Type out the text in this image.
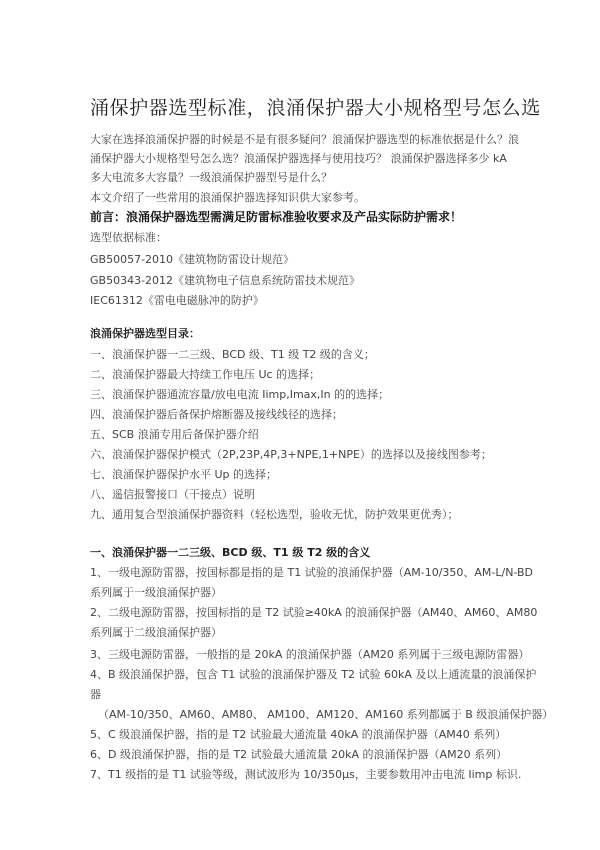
涌保护器选型标准，浪涌保护器大小规格型号怎么选

大家在选择浪涌保护器的时候是不是有很多疑问？浪涌保护器选型的标准依据是什么？浪涌保护器大小规格型号怎么选？浪涌保护器选择与使用技巧？ 浪涌保护器选择多少 kA 多大电流多大容量？一级浪涌保护器型号是什么？

本文介绍了一些常用的浪涌保护器选择知识供大家参考。
前言：浪涌保护器选型需满足防雷标准验收要求及产品实际防护需求！
选型依据标准：
GB50057-2010《建筑物防雷设计规范》
GB50343-2012《建筑物电子信息系统防雷技术规范》
IEC61312《雷电电磁脉冲的防护》
浪涌保护器选型目录：
一、浪涌保护器一二三级、BCD 级、T1 级 T2 级的含义；
二、浪涌保护器最大持续工作电压 Uc 的选择；
三、浪涌保护器通流容量/放电电流 Iimp,Imax,In 的的选择；
四、浪涌保护器后备保护熔断器及接线线径的选择；
五、SCB 浪涌专用后备保护器介绍
六、浪涌保护器保护模式（2P,23P,4P,3+NPE,1+NPE）的选择以及接线图参考；
七、浪涌保护器保护水平 Up 的选择；
八、遥信报警接口（干接点）说明
九、通用复合型浪涌保护器资料（轻松选型，验收无忧，防护效果更优秀）；
一、浪涌保护器一二三级、BCD 级、T1 级 T2 级的含义
1、一级电源防雷器，按国标都是指的是 T1 试验的浪涌保护器（AM-10/350、AM-L/N-BD
系列属于一级浪涌保护器）
2、二级电源防雷器，按国标指的是 T2 试验≥40kA 的浪涌保护器（AM40、AM60、AM80
系列属于二级浪涌保护器）
3、三级电源防雷器，一般指的是 20kA 的浪涌保护器（AM20 系列属于三级电源防雷器）
4、B 级浪涌保护器，包含 T1 试验的浪涌保护器及 T2 试验 60kA 及以上通流量的浪涌保护
器
（AM-10/350、AM60、AM80、 AM100、AM120、AM160 系列都属于 B 级浪涌保护器）
5、C 级浪涌保护器，指的是 T2 试验最大通流量 40kA 的浪涌保护器（AM40 系列）
6、D 级浪涌保护器，指的是 T2 试验最大通流量 20kA 的浪涌保护器（AM20 系列）
7、T1 级指的是 T1 试验等级，测试波形为 10/350μs，主要参数用冲击电流 Iimp 标识.
